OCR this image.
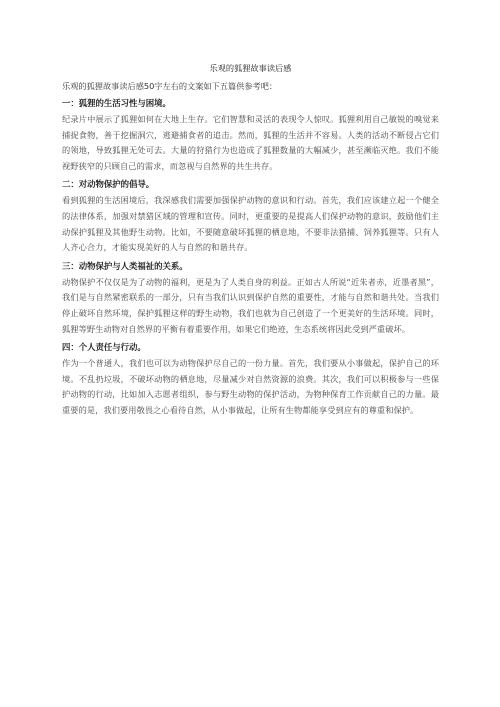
乐观的狐狸故事读后感
乐观的狐狸故事读后感50字左右的文案如下五篇供参考吧：
一：狐狸的生活习性与困境。

纪录片中展示了狐狸如何在大地上生存。它们智慧和灵活的表现令人惊叹。狐狸利用自己敏锐的嗅觉来捕捉食物，善于挖掘洞穴，逃避捕食者的追击。然而，狐狸的生活并不容易。人类的活动不断侵占它们的领地，导致狐狸无处可去。大量的狩猎行为也造成了狐狸数量的大幅减少，甚至濒临灭绝。我们不能视野狭窄的只顾自己的需求，而忽视与自然界的共生共存。

二：对动物保护的倡导。

看到狐狸的生活困境后，我深感我们需要加强保护动物的意识和行动。首先，我们应该建立起一个健全的法律体系，加强对禁猎区域的管理和宣传。同时，更重要的是提高人们保护动物的意识，鼓励他们主动保护狐狸及其他野生动物。比如，不要随意破坏狐狸的栖息地，不要非法猎捕、饲养狐狸等。只有人人齐心合力，才能实现美好的人与自然的和谐共存。

三：动物保护与人类福祉的关系。

动物保护不仅仅是为了动物的福利，更是为了人类自身的利益。正如古人所说“近朱者赤，近墨者黑”，我们是与自然紧密联系的一部分，只有当我们认识到保护自然的重要性，才能与自然和谐共处。当我们停止破坏自然环境，保护狐狸这样的野生动物，我们也就为自己创造了一个更美好的生活环境。同时，狐狸等野生动物对自然界的平衡有着重要作用，如果它们绝迹，生态系统将因此受到严重破坏。

四：个人责任与行动。

作为一个普通人，我们也可以为动物保护尽自己的一份力量。首先，我们要从小事做起，保护自己的环境。不乱扔垃圾，不破坏动物的栖息地，尽量减少对自然资源的浪费。其次，我们可以积极参与一些保护动物的行动，比如加入志愿者组织，参与野生动物的保护活动，为物种保育工作贡献自己的力量。最重要的是，我们要用敬畏之心看待自然，从小事做起，让所有生物都能享受到应有的尊重和保护。
